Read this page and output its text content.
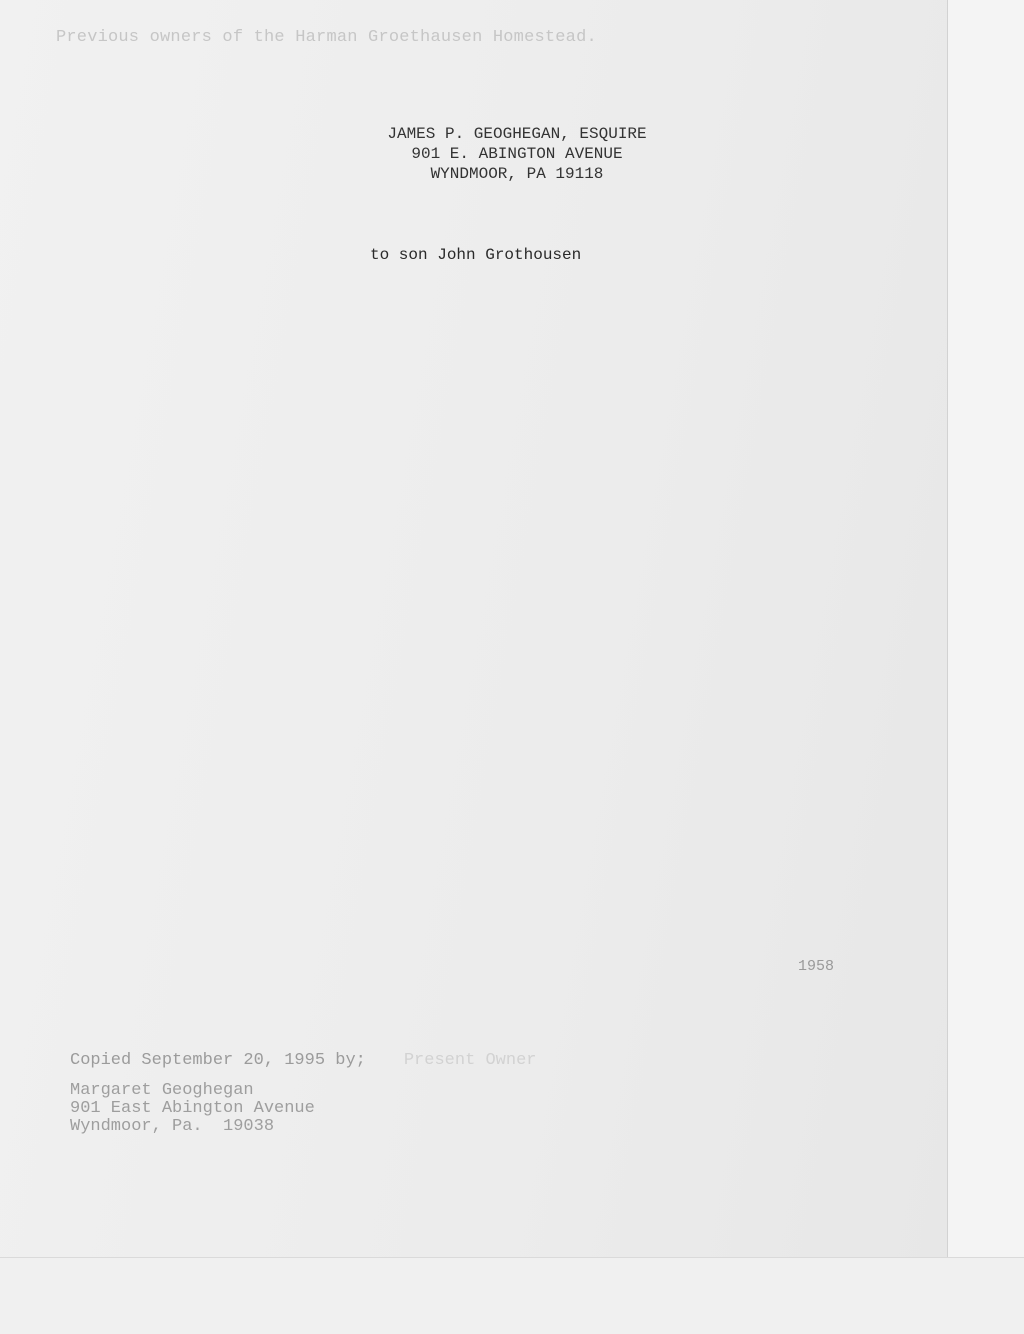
Previous owners of the Harman Groethausen Homestead.
JAMES P. GEOGHEGAN, ESQUIRE
901 E. ABINGTON AVENUE
WYNDMOOR, PA 19118
to son John Grothousen
1958
Copied September 20, 1995 by; Present Owner
Margaret Geoghegan
901 East Abington Avenue
Wyndmoor, Pa.  19038
